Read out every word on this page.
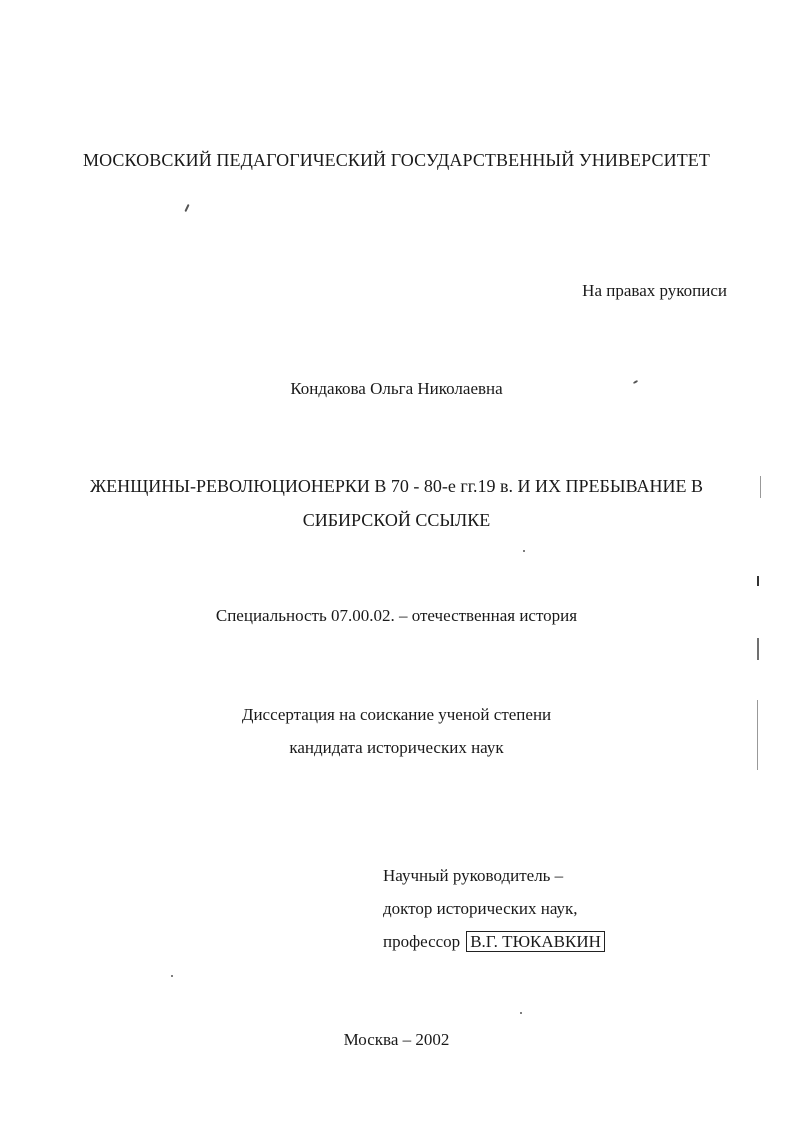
МОСКОВСКИЙ ПЕДАГОГИЧЕСКИЙ ГОСУДАРСТВЕННЫЙ УНИВЕРСИТЕТ
На правах рукописи
Кондакова Ольга Николаевна
ЖЕНЩИНЫ-РЕВОЛЮЦИОНЕРКИ В 70 - 80-е гг.19 в. И ИХ ПРЕБЫВАНИЕ В
СИБИРСКОЙ ССЫЛКЕ
Специальность 07.00.02. – отечественная история
Диссертация на соискание ученой степени
кандидата исторических наук
Научный руководитель –
доктор исторических наук,
профессор В.Г. ТЮКАВКИН
Москва – 2002
